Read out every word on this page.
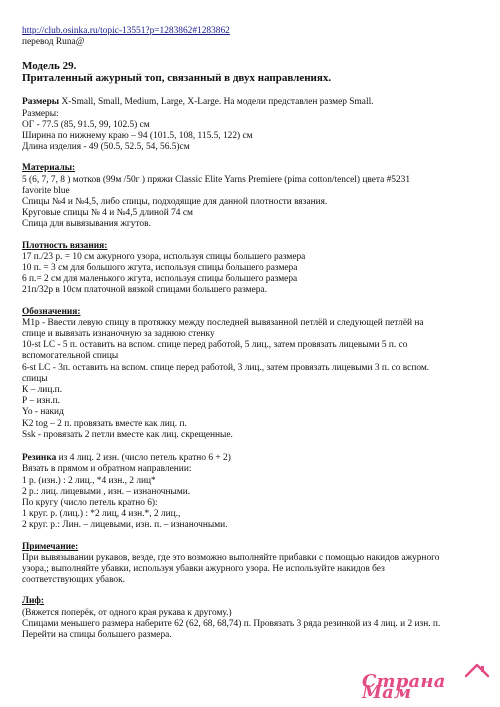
http://club.osinka.ru/topic-13551?p=1283862#1283862
перевод Runa@
Модель 29.
Приталенный ажурный топ, связанный в двух направлениях.
Размеры X-Small, Small, Medium, Large, X-Large. На модели представлен размер Small.
Размеры:
ОГ - 77.5 (85, 91.5, 99, 102.5) см
Ширина по нижнему краю – 94 (101.5, 108, 115.5, 122) см
Длина изделия - 49 (50.5, 52.5, 54, 56.5)см
Материалы:
5 (6, 7, 7, 8 ) мотков (99м /50г ) пряжи Classic Elite Yarns Premiere (pima cotton/tencel) цвета #5231
favorite blue
Спицы №4 и №4,5, либо спицы, подходящие для данной плотности вязания.
Круговые спицы № 4 и №4,5 длиной 74 см
Спица для вывязывания жгутов.
Плотность вязания:
17 п./23 р. = 10 см ажурного узора, используя спицы большего размера
10 п. = 3 см для большого жгута, используя спицы большего размера
6 п.= 2 см для маленького жгута, используя спицы большего размера
21п/32р в 10см платочной вязкой спицами большего размера.
Обозначения:
М1р - Ввести левую спицу в протяжку между последней вывязанной петлёй и следующей петлёй на
спице и вывязать изнаночную за заднюю стенку
10-st LC - 5 п. оставить на вспом. спице перед работой, 5 лиц., затем провязать лицевыми 5 п. со
вспомогательной спицы
6-st LC - 3п. оставить на вспом. спице перед работой, 3 лиц., затем провязать лицевыми 3 п. со вспом.
спицы
К – лиц.п.
Р – изн.п.
Yo - накид
K2 tog – 2 п. провязать вместе как лиц. п.
Ssk - провязать 2 петли вместе как лиц. скрещенные.
Резинка из 4 лиц. 2 изн. (число петель кратно 6 + 2)
Вязать в прямом и обратном направлении:
1 р. (изн.) : 2 лиц., *4 изн., 2 лиц*
2 р.: лиц. лицевыми , изн. – изнаночными.
По кругу (число петель кратно 6):
1 круг. р. (лиц.) : *2 лиц, 4 изн.*, 2 лиц.,
2 круг. р.: Лин. – лицевыми, изн. п. – изнаночными.
Примечание:
При вывязывании рукавов, везде, где это возможно выполняйте прибавки с помощью накидов ажурного
узора,; выполняйте убавки, используя убавки ажурного узора. Не используйте накидов без
соответствующих убавок.
Лиф:
(Вяжется поперёк, от одного края рукава к другому.)
Спицами меньшего размера наберите 62 (62, 68, 68,74) п. Провязать 3 ряда резинкой из 4 лиц. и 2 изн. п.
Перейти на спицы большего размера.
Страна Мам
